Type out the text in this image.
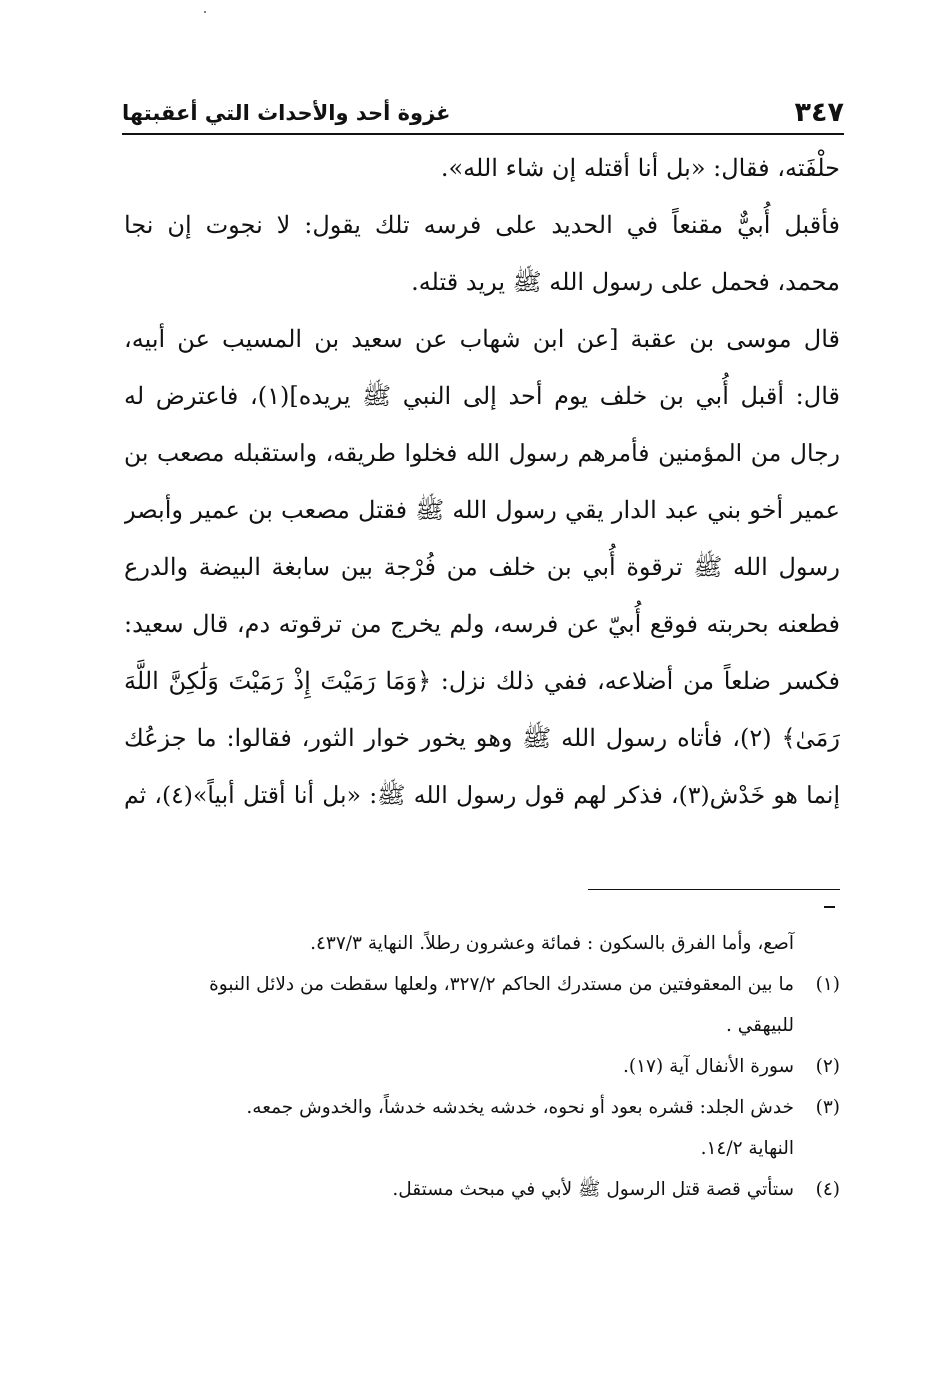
٣٤٧
غزوة أحد والأحداث التي أعقبتها
حلْفَته، فقال: «بل أنا أقتله إن شاء الله».
فأقبل أُبيٌّ مقنعاً في الحديد على فرسه تلك يقول: لا نجوت إن نجا
محمد، فحمل على رسول الله ﷺ يريد قتله.
قال موسى بن عقبة [عن ابن شهاب عن سعيد بن المسيب عن أبيه،
قال: أقبل أُبي بن خلف يوم أحد إلى النبي ﷺ يريده](١)، فاعترض له
رجال من المؤمنين فأمرهم رسول الله فخلوا طريقه، واستقبله مصعب بن
عمير أخو بني عبد الدار يقي رسول الله ﷺ فقتل مصعب بن عمير وأبصر
رسول الله ﷺ ترقوة أُبي بن خلف من فُرْجة بين سابغة البيضة والدرع
فطعنه بحربته فوقع أُبيّ عن فرسه، ولم يخرج من ترقوته دم، قال سعيد:
فكسر ضلعاً من أضلاعه، ففي ذلك نزل: ﴿وَمَا رَمَيْتَ إِذْ رَمَيْتَ وَلَٰكِنَّ اللَّهَ
رَمَىٰ﴾ (٢)، فأتاه رسول الله ﷺ وهو يخور خوار الثور، فقالوا: ما جزعُك
إنما هو خَدْش(٣)، فذكر لهم قول رسول الله ﷺ: «بل أنا أقتل أبياً»(٤)، ثم
آصع، وأما الفرق بالسكون : فمائة وعشرون رطلاً. النهاية ٤٣٧/٣.
(١)
ما بين المعقوفتين من مستدرك الحاكم ٣٢٧/٢، ولعلها سقطت من دلائل النبوة
للبيهقي .
(٢)
سورة الأنفال آية (١٧).
(٣)
خدش الجلد: قشره بعود أو نحوه، خدشه يخدشه خدشاً، والخدوش جمعه.
النهاية ١٤/٢.
(٤)
ستأتي قصة قتل الرسول ﷺ لأبي في مبحث مستقل.
